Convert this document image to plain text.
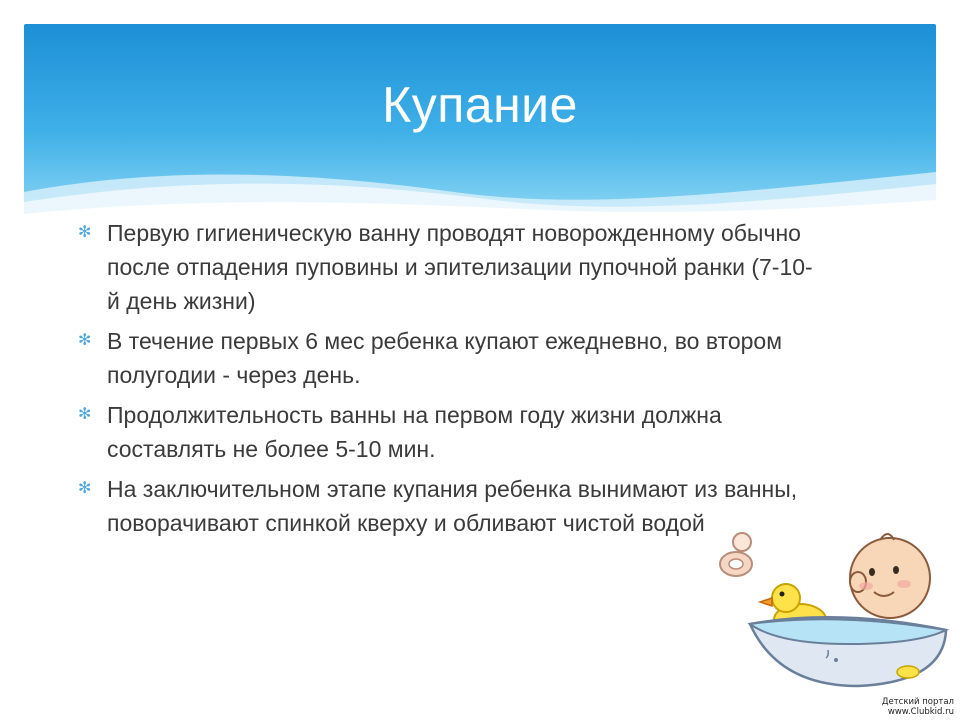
Купание
✻ Первую гигиеническую ванну проводят новорожденному обычно после отпадения пуповины и эпителизации пупочной ранки (7-10-й день жизни)
✻ В течение первых 6 мес ребенка купают ежедневно, во втором полугодии - через день.
✻ Продолжительность ванны на первом году жизни должна составлять не более 5-10 мин.
✻ На заключительном этапе купания ребенка вынимают из ванны, поворачивают спинкой кверху и обливают чистой водой
Детский портал
www.Clubkid.ru
